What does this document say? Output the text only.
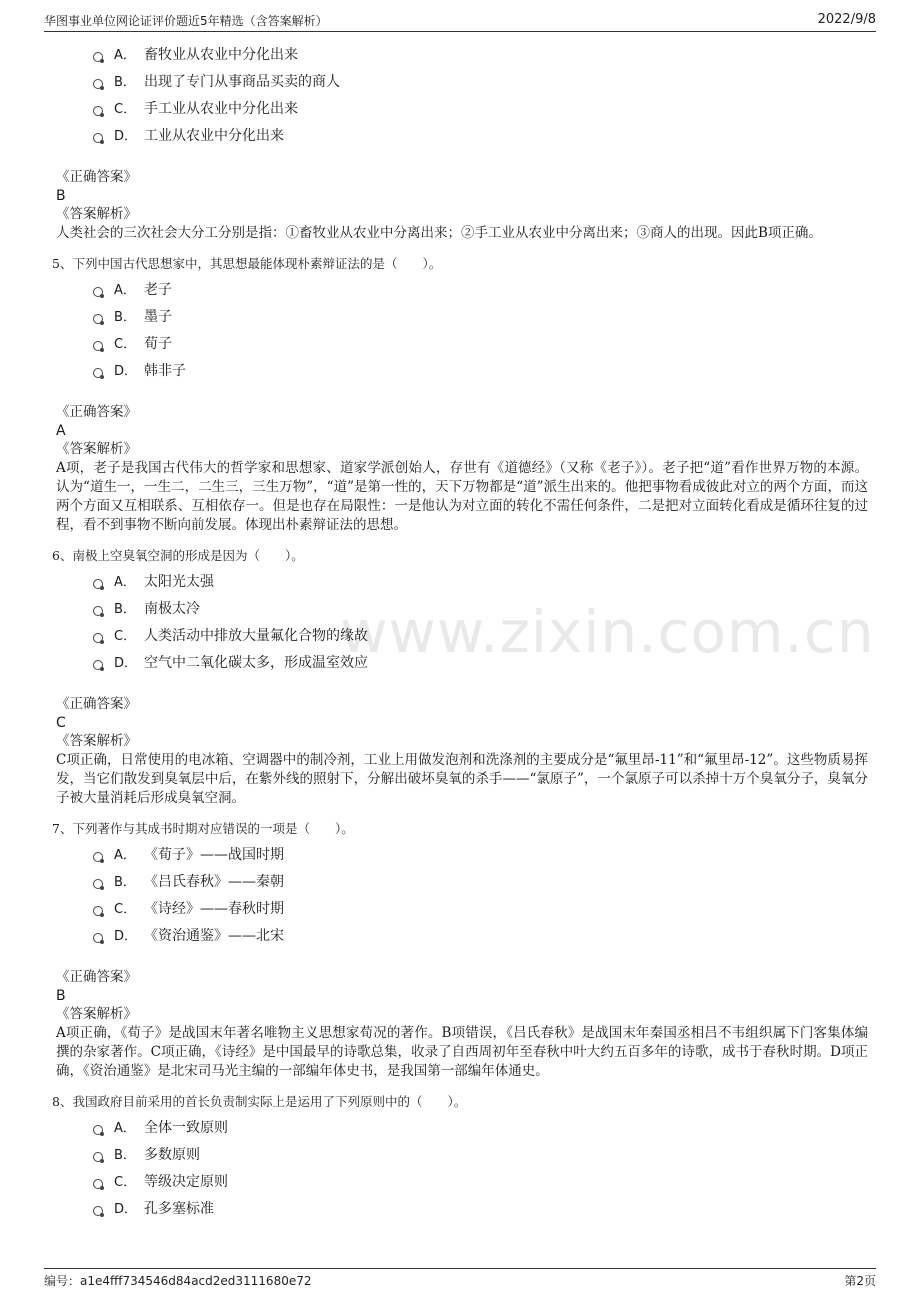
华图事业单位网论证评价题近5年精选（含答案解析）	2022/9/8
www.zixin.com.cn
A． 畜牧业从农业中分化出来
B． 出现了专门从事商品买卖的商人
C． 手工业从农业中分化出来
D． 工业从农业中分化出来
《正确答案》
B
《答案解析》
人类社会的三次社会大分工分别是指：①畜牧业从农业中分离出来；②手工业从农业中分离出来；③商人的出现。因此B项正确。
5、下列中国古代思想家中，其思想最能体现朴素辩证法的是（　　）。
A． 老子
B． 墨子
C． 荀子
D． 韩非子
《正确答案》
A
《答案解析》
A项，老子是我国古代伟大的哲学家和思想家、道家学派创始人，存世有《道德经》（又称《老子》）。老子把“道”看作世界万物的本源。认为“道生一，一生二，二生三，三生万物”，“道”是第一性的，天下万物都是“道”派生出来的。他把事物看成彼此对立的两个方面，而这两个方面又互相联系、互相依存一。但是也存在局限性：一是他认为对立面的转化不需任何条件，二是把对立面转化看成是循环往复的过程，看不到事物不断向前发展。体现出朴素辩证法的思想。
6、南极上空臭氧空洞的形成是因为（　　）。
A． 太阳光太强
B． 南极太冷
C． 人类活动中排放大量氟化合物的缘故
D． 空气中二氧化碳太多，形成温室效应
《正确答案》
C
《答案解析》
C项正确，日常使用的电冰箱、空调器中的制冷剂，工业上用做发泡剂和洗涤剂的主要成分是“氟里昂-11”和“氟里昂-12”。这些物质易挥发，当它们散发到臭氧层中后，在紫外线的照射下，分解出破坏臭氧的杀手——“氯原子”，一个氯原子可以杀掉十万个臭氧分子，臭氧分子被大量消耗后形成臭氧空洞。
7、下列著作与其成书时期对应错误的一项是（　　）。
A． 《荀子》——战国时期
B． 《吕氏春秋》——秦朝
C． 《诗经》——春秋时期
D． 《资治通鉴》——北宋
《正确答案》
B
《答案解析》
A项正确，《荀子》是战国末年著名唯物主义思想家荀况的著作。B项错误，《吕氏春秋》是战国末年秦国丞相吕不韦组织属下门客集体编撰的杂家著作。C项正确，《诗经》是中国最早的诗歌总集，收录了自西周初年至春秋中叶大约五百多年的诗歌，成书于春秋时期。D项正确，《资治通鉴》是北宋司马光主编的一部编年体史书，是我国第一部编年体通史。
8、我国政府目前采用的首长负责制实际上是运用了下列原则中的（　　）。
A． 全体一致原则
B． 多数原则
C． 等级决定原则
D． 孔多塞标准
编号：a1e4fff734546d84acd2ed3111680e72	第2页
